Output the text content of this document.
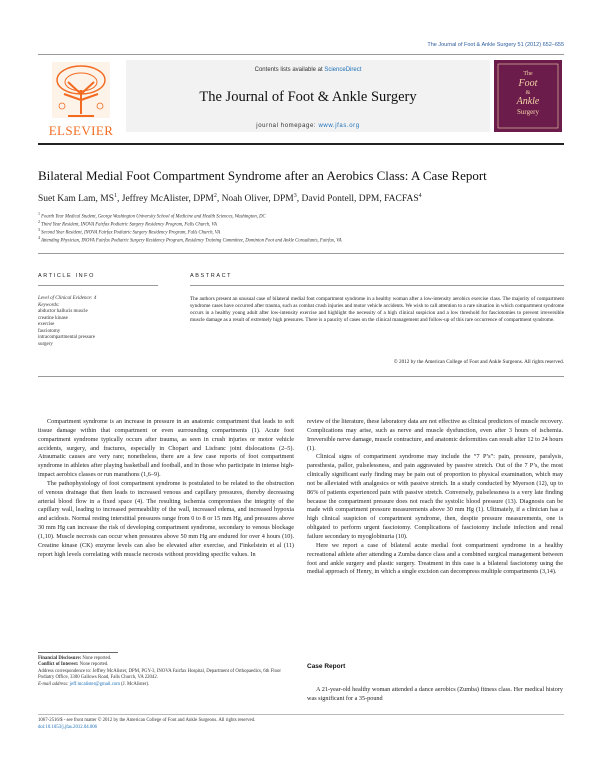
The Journal of Foot & Ankle Surgery 51 (2012) 652–655
ELSEVIER
Contents lists available at ScienceDirect
The Journal of Foot & Ankle Surgery
journal homepage: www.jfas.org
The
Foot
&
Ankle
Surgery
Bilateral Medial Foot Compartment Syndrome after an Aerobics Class: A Case Report
Suet Kam Lam, $MS^1$, Jeffrey McAlister, DPM$^2$, Noah Oliver, DPM$^3$, David Pontell, DPM, FACFAS$^4$
$^1$ Fourth Year Medical Student, George Washington University School of Medicine and Health Sciences, Washington, DC
$^2$ Third Year Resident, INOVA Fairfax Podiatric Surgery Residency Program, Falls Church, VA
$^3$ Second Year Resident, INOVA Fairfax Podiatric Surgery Residency Program, Falls Church, VA
$^4$ Attending Physician, INOVA Fairfax Podiatric Surgery Residency Program, Residency Training Committee, Dominion Foot and Ankle Consultants, Fairfax, VA
ARTICLE INFO
Level of Clinical Evidence: 4
Keywords:
abductor hallucis muscle
creatine kinase
exercise
fasciotomy
intracompartmental pressure
surgery
ABSTRACT
The authors present an unusual case of bilateral medial foot compartment syndrome in a healthy woman after a low-intensity aerobics exercise class. The majority of compartment syndrome cases have occurred after trauma, such as combat crush injuries and motor vehicle accidents. We wish to call attention to a rare situation in which compartment syndrome occurs in a healthy young adult after low-intensity exercise and highlight the necessity of a high clinical suspicion and a low threshold for fasciotomies to prevent irreversible muscle damage as a result of extremely high pressures. There is a paucity of cases on the clinical management and follow-up of this rare occurrence of compartment syndrome.
© 2012 by the American College of Foot and Ankle Surgeons. All rights reserved.

Compartment syndrome is an increase in pressure in an anatomic compartment that leads to soft tissue damage within that compartment or even surrounding compartments (1). Acute foot compartment syndrome typically occurs after trauma, as seen in crush injuries or motor vehicle accidents, surgery, and fractures, especially in Chopart and Lisfranc joint dislocations (2–5). Atraumatic causes are very rare; nonetheless, there are a few case reports of foot compartment syndrome in athletes after playing basketball and football, and in those who participate in intense high-impact aerobics classes or run marathons (1,6–9).

The pathophysiology of foot compartment syndrome is postulated to be related to the obstruction of venous drainage that then leads to increased venous and capillary pressures, thereby decreasing arterial blood flow in a fixed space (4). The resulting ischemia compromises the integrity of the capillary wall, leading to increased permeability of the wall, increased edema, and increased hypoxia and acidosis. Normal resting interstitial pressures range from 0 to 8 or 15 mm Hg, and pressures above 30 mm Hg can increase the risk of developing compartment syndrome, secondary to venous blockage (1,10). Muscle necrosis can occur when pressures above 50 mm Hg are endured for over 4 hours (10). Creatine kinase (CK) enzyme levels can also be elevated after exercise, and Finkelstein et al (11) report high levels correlating with muscle necrosis without providing specific values. In

review of the literature, these laboratory data are not effective as clinical predictors of muscle recovery. Complications may arise, such as nerve and muscle dysfunction, even after 3 hours of ischemia. Irreversible nerve damage, muscle contracture, and anatomic deformities can result after 12 to 24 hours (1).

Clinical signs of compartment syndrome may include the “7 P’s”: pain, pressure, paralysis, paresthesia, pallor, pulselessness, and pain aggravated by passive stretch. Out of the 7 P’s, the most clinically significant early finding may be pain out of proportion to physical examination, which may not be alleviated with analgesics or with passive stretch. In a study conducted by Myerson (12), up to 86% of patients experienced pain with passive stretch. Conversely, pulselessness is a very late finding because the compartment pressure does not reach the systolic blood pressure (13). Diagnosis can be made with compartment pressure measurements above 30 mm Hg (1). Ultimately, if a clinician has a high clinical suspicion of compartment syndrome, then, despite pressure measurements, one is obligated to perform urgent fasciotomy. Complications of fasciotomy include infection and renal failure secondary to myoglobinuria (10).

Here we report a case of bilateral acute medial foot compartment syndrome in a healthy recreational athlete after attending a Zumba dance class and a combined surgical management between foot and ankle surgery and plastic surgery. Treatment in this case is a bilateral fasciotomy using the medial approach of Henry, in which a single excision can decompress multiple compartments (3,14).

Case Report

A 21-year-old healthy woman attended a dance aerobics (Zumba) fitness class. Her medical history was significant for a 35-pound

Financial Disclosure: None reported.
Conflict of Interest: None reported.
Address correspondence to: Jeffrey McAlister, DPM, PGY-3, INOVA Fairfax Hospital, Department of Orthopaedics, 6th Floor Podiatry Office, 3300 Gallows Road, Falls Church, VA 22042.
E-mail address: jeff.mcalister@gmail.com (J. McAlister).
1067-2516/$ - see front matter © 2012 by the American College of Foot and Ankle Surgeons. All rights reserved.
doi:10.1053/j.jfas.2012.04.006
